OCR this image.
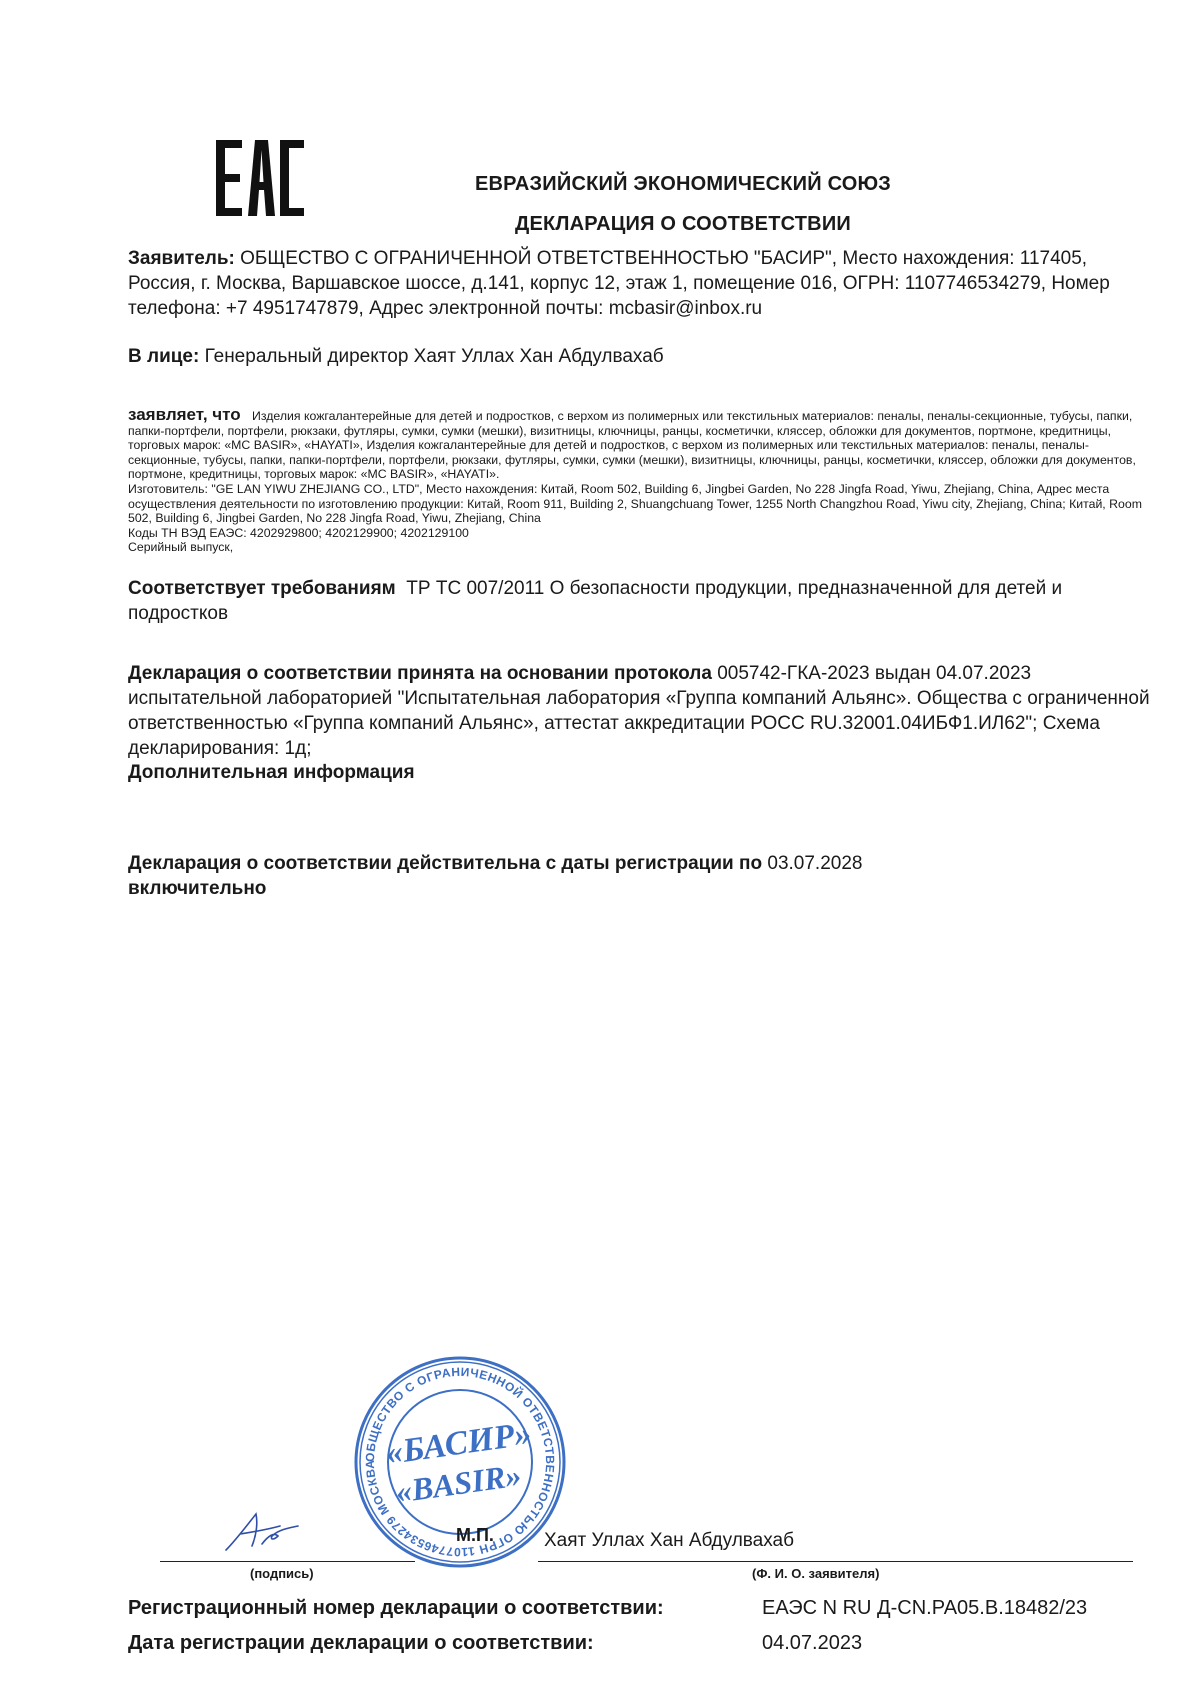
ЕВРАЗИЙСКИЙ ЭКОНОМИЧЕСКИЙ СОЮЗ
ДЕКЛАРАЦИЯ О СООТВЕТСТВИИ
Заявитель: ОБЩЕСТВО С ОГРАНИЧЕННОЙ ОТВЕТСТВЕННОСТЬЮ "БАСИР", Место нахождения: 117405, Россия, г. Москва, Варшавское шоссе, д.141, корпус 12, этаж 1, помещение 016, ОГРН: 1107746534279, Номер телефона: +7 4951747879, Адрес электронной почты: mcbasir@inbox.ru
В лице: Генеральный директор Хаят Уллах Хан Абдулвахаб
заявляет, что Изделия кожгалантерейные для детей и подростков, с верхом из полимерных или текстильных материалов: пеналы, пеналы-секционные, тубусы, папки, папки-портфели, портфели, рюкзаки, футляры, сумки, сумки (мешки), визитницы, ключницы, ранцы, косметички, кляссер, обложки для документов, портмоне, кредитницы, торговых марок: «MC BASIR», «HAYATI», Изделия кожгалантерейные для детей и подростков, с верхом из полимерных или текстильных материалов: пеналы, пеналы-секционные, тубусы, папки, папки-портфели, портфели, рюкзаки, футляры, сумки, сумки (мешки), визитницы, ключницы, ранцы, косметички, кляссер, обложки для документов, портмоне, кредитницы, торговых марок: «MC BASIR», «HAYATI».
Изготовитель: "GE LAN YIWU ZHEJIANG CO., LTD", Место нахождения: Китай, Room 502, Building 6, Jingbei Garden, No 228 Jingfa Road, Yiwu, Zhejiang, China, Адрес места осуществления деятельности по изготовлению продукции: Китай, Room 911, Building 2, Shuangchuang Tower, 1255 North Changzhou Road, Yiwu city, Zhejiang, China; Китай, Room 502, Building 6, Jingbei Garden, No 228 Jingfa Road, Yiwu, Zhejiang, China
Коды ТН ВЭД ЕАЭС: 4202929800; 4202129900; 4202129100
Серийный выпуск,
Соответствует требованиям ТР ТС 007/2011 О безопасности продукции, предназначенной для детей и подростков
Декларация о соответствии принята на основании протокола 005742-ГКА-2023 выдан 04.07.2023 испытательной лабораторией "Испытательная лаборатория «Группа компаний Альянс». Общества с ограниченной ответственностью «Группа компаний Альянс», аттестат аккредитации РОСС RU.32001.04ИБФ1.ИЛ62"; Схема декларирования: 1д;
Дополнительная информация
Декларация о соответствии действительна с даты регистрации по 03.07.2028
включительно
ОБЩЕСТВО С ОГРАНИЧЕННОЙ ОТВЕТСТВЕННОСТЬЮ ОГРН 1107746534279 МОСКВА «БАСИР»
«BASIR»
М.П.	Хаят Уллах Хан Абдулвахаб
(подпись)	(Ф. И. О. заявителя)
Регистрационный номер декларации о соответствии:	ЕАЭС N RU Д-CN.РА05.В.18482/23
Дата регистрации декларации о соответствии:	04.07.2023
